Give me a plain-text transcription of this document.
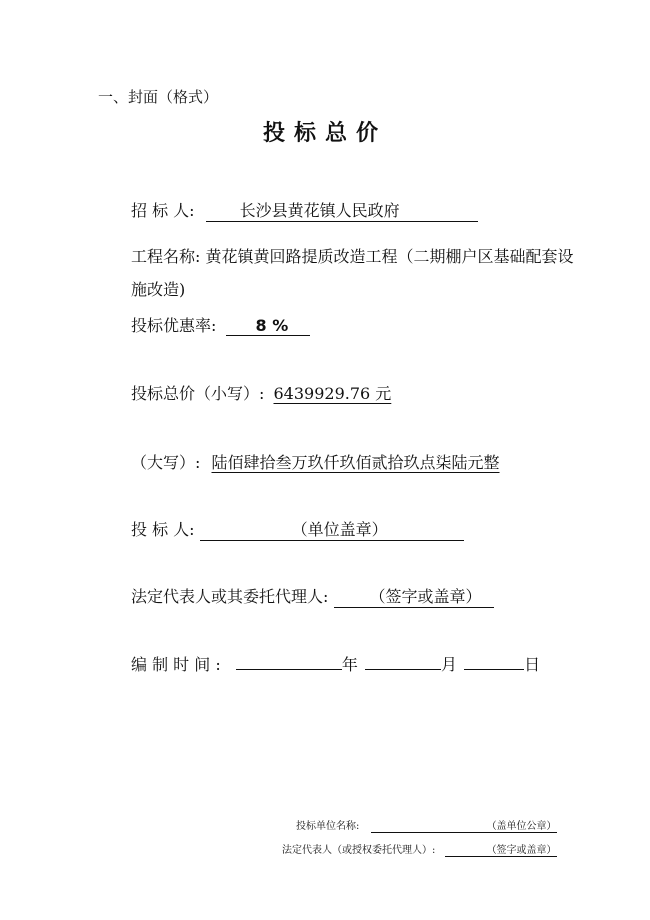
一、封面（格式）
投标总价
招 标 人:	长沙县黄花镇人民政府
工程名称: 黄花镇黄回路提质改造工程（二期棚户区基础配套设
施改造)
投标优惠率: 8 %
投标总价（小写）: 6439929.76 元
（大写）: 陆佰肆拾叁万玖仟玖佰贰拾玖点柒陆元整
投 标 人:	（单位盖章）
法定代表人或其委托代理人:	（签字或盖章）
编 制 时 间 :	年	月	日
投标单位名称:	（盖单位公章）
法定代表人（或授权委托代理人）:	（签字或盖章）
